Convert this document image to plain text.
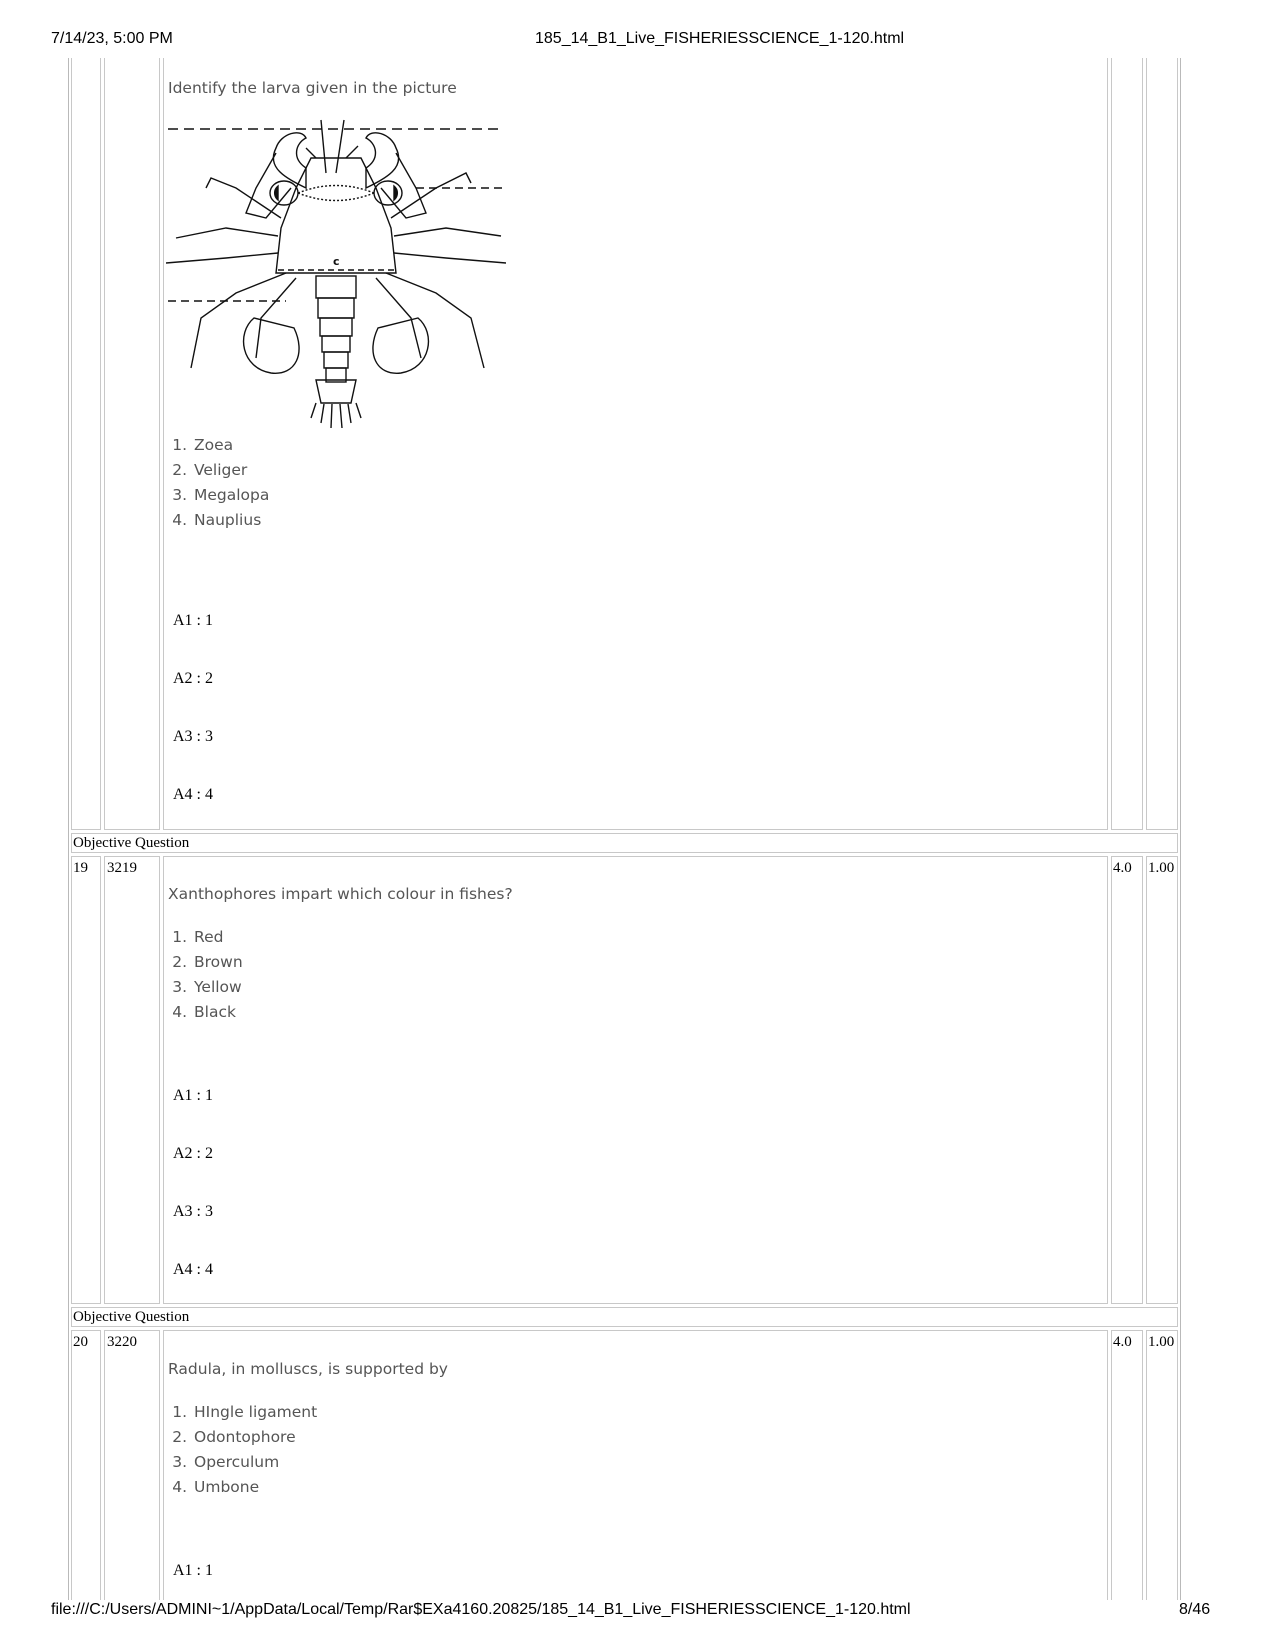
7/14/23, 5:00 PM	185_14_B1_Live_FISHERIESSCIENCE_1-120.html
Identify the larva given in the picture
c
1. Zoea
2. Veliger
3. Megalopa
4. Nauplius
A1 : 1
A2 : 2
A3 : 3
A4 : 4
Objective Question
19 3219	4.0 1.00
Xanthophores impart which colour in fishes?
1. Red
2. Brown
3. Yellow
4. Black
A1 : 1
A2 : 2
A3 : 3
A4 : 4
Objective Question
20 3220	4.0 1.00
Radula, in molluscs, is supported by
1. HIngle ligament
2. Odontophore
3. Operculum
4. Umbone
A1 : 1
file:///C:/Users/ADMINI~1/AppData/Local/Temp/Rar$EXa4160.20825/185_14_B1_Live_FISHERIESSCIENCE_1-120.html	8/46
